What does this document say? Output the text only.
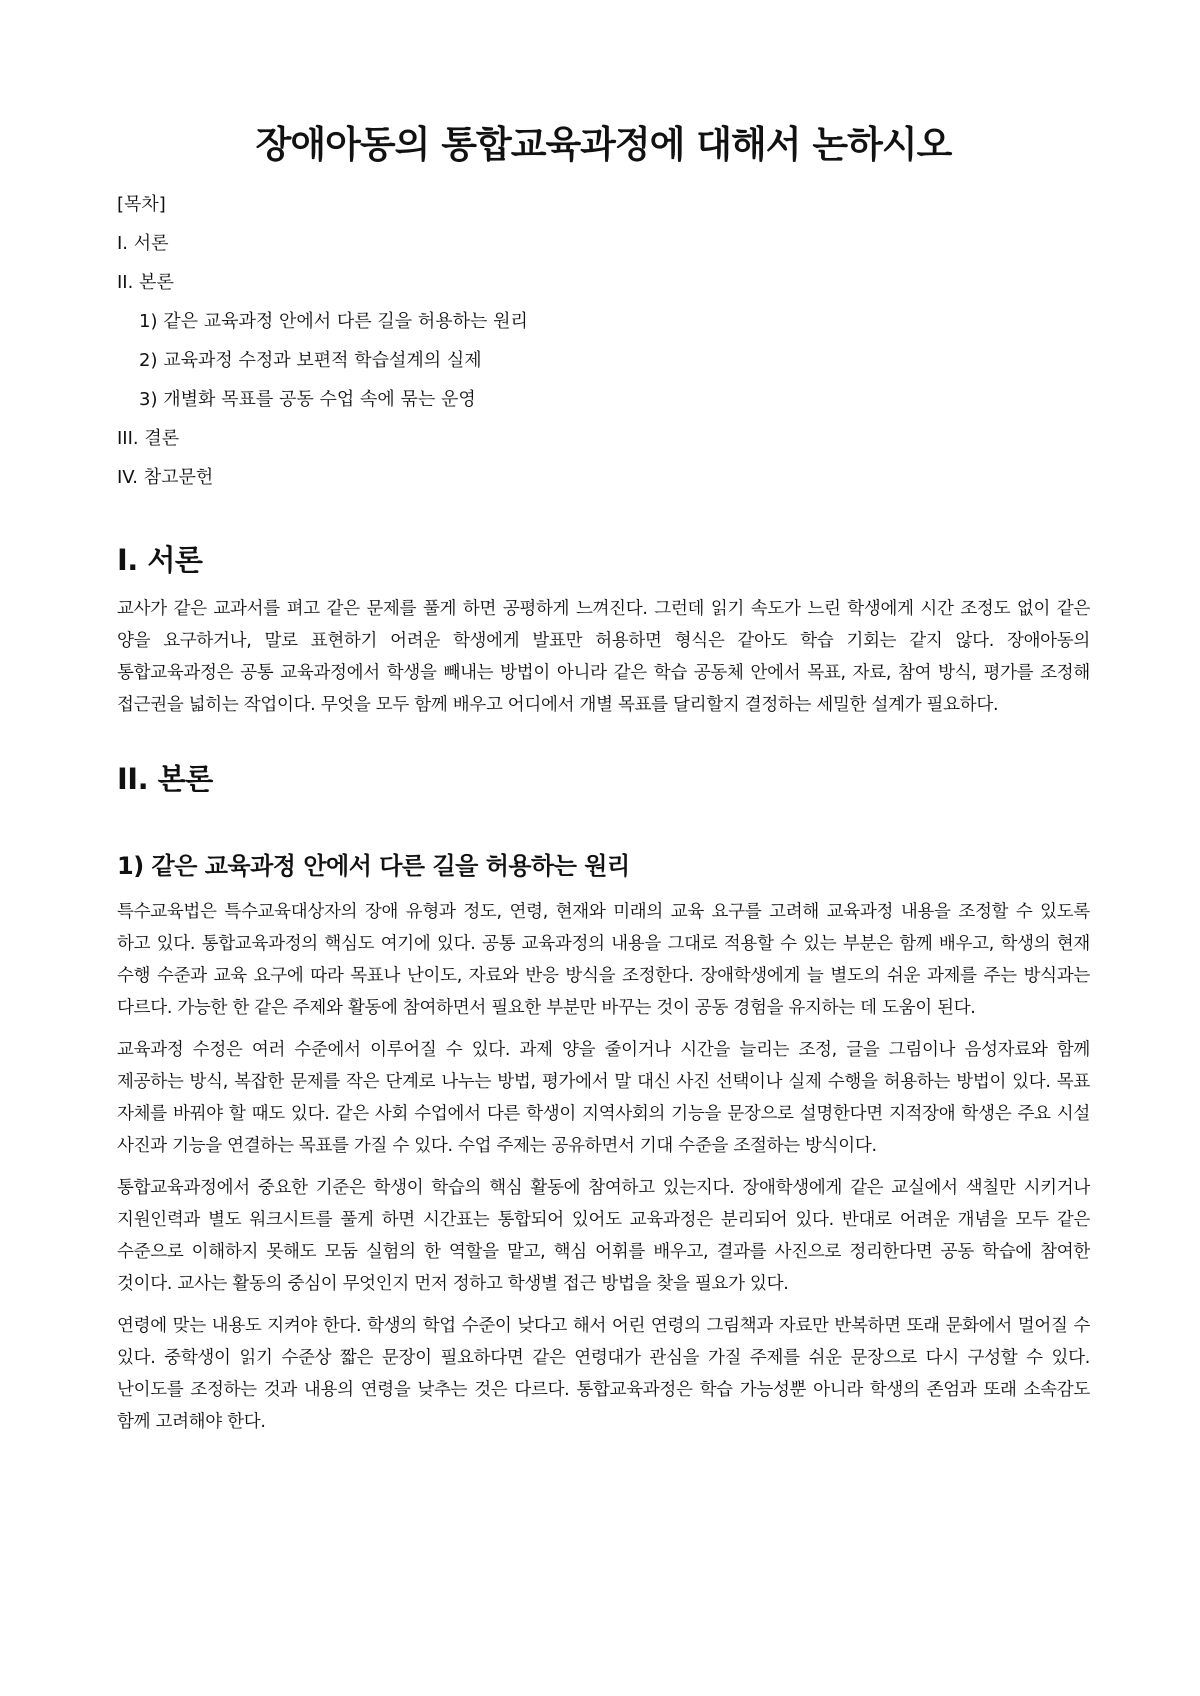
장애아동의 통합교육과정에 대해서 논하시오
[목차]
I. 서론
II. 본론
1) 같은 교육과정 안에서 다른 길을 허용하는 원리
2) 교육과정 수정과 보편적 학습설계의 실제
3) 개별화 목표를 공동 수업 속에 묶는 운영
III. 결론
IV. 참고문헌
I. 서론

교사가 같은 교과서를 펴고 같은 문제를 풀게 하면 공평하게 느껴진다. 그런데 읽기 속도가 느린 학생에게 시간 조정도 없이 같은 양을 요구하거나, 말로 표현하기 어려운 학생에게 발표만 허용하면 형식은 같아도 학습 기회는 같지 않다. 장애아동의 통합교육과정은 공통 교육과정에서 학생을 빼내는 방법이 아니라 같은 학습 공동체 안에서 목표, 자료, 참여 방식, 평가를 조정해 접근권을 넓히는 작업이다. 무엇을 모두 함께 배우고 어디에서 개별 목표를 달리할지 결정하는 세밀한 설계가 필요하다.

II. 본론
1) 같은 교육과정 안에서 다른 길을 허용하는 원리

특수교육법은 특수교육대상자의 장애 유형과 정도, 연령, 현재와 미래의 교육 요구를 고려해 교육과정 내용을 조정할 수 있도록 하고 있다. 통합교육과정의 핵심도 여기에 있다. 공통 교육과정의 내용을 그대로 적용할 수 있는 부분은 함께 배우고, 학생의 현재 수행 수준과 교육 요구에 따라 목표나 난이도, 자료와 반응 방식을 조정한다. 장애학생에게 늘 별도의 쉬운 과제를 주는 방식과는 다르다. 가능한 한 같은 주제와 활동에 참여하면서 필요한 부분만 바꾸는 것이 공동 경험을 유지하는 데 도움이 된다.

교육과정 수정은 여러 수준에서 이루어질 수 있다. 과제 양을 줄이거나 시간을 늘리는 조정, 글을 그림이나 음성자료와 함께 제공하는 방식, 복잡한 문제를 작은 단계로 나누는 방법, 평가에서 말 대신 사진 선택이나 실제 수행을 허용하는 방법이 있다. 목표 자체를 바꿔야 할 때도 있다. 같은 사회 수업에서 다른 학생이 지역사회의 기능을 문장으로 설명한다면 지적장애 학생은 주요 시설 사진과 기능을 연결하는 목표를 가질 수 있다. 수업 주제는 공유하면서 기대 수준을 조절하는 방식이다.

통합교육과정에서 중요한 기준은 학생이 학습의 핵심 활동에 참여하고 있는지다. 장애학생에게 같은 교실에서 색칠만 시키거나 지원인력과 별도 워크시트를 풀게 하면 시간표는 통합되어 있어도 교육과정은 분리되어 있다. 반대로 어려운 개념을 모두 같은 수준으로 이해하지 못해도 모둠 실험의 한 역할을 맡고, 핵심 어휘를 배우고, 결과를 사진으로 정리한다면 공동 학습에 참여한 것이다. 교사는 활동의 중심이 무엇인지 먼저 정하고 학생별 접근 방법을 찾을 필요가 있다.

연령에 맞는 내용도 지켜야 한다. 학생의 학업 수준이 낮다고 해서 어린 연령의 그림책과 자료만 반복하면 또래 문화에서 멀어질 수 있다. 중학생이 읽기 수준상 짧은 문장이 필요하다면 같은 연령대가 관심을 가질 주제를 쉬운 문장으로 다시 구성할 수 있다. 난이도를 조정하는 것과 내용의 연령을 낮추는 것은 다르다. 통합교육과정은 학습 가능성뿐 아니라 학생의 존엄과 또래 소속감도 함께 고려해야 한다.
